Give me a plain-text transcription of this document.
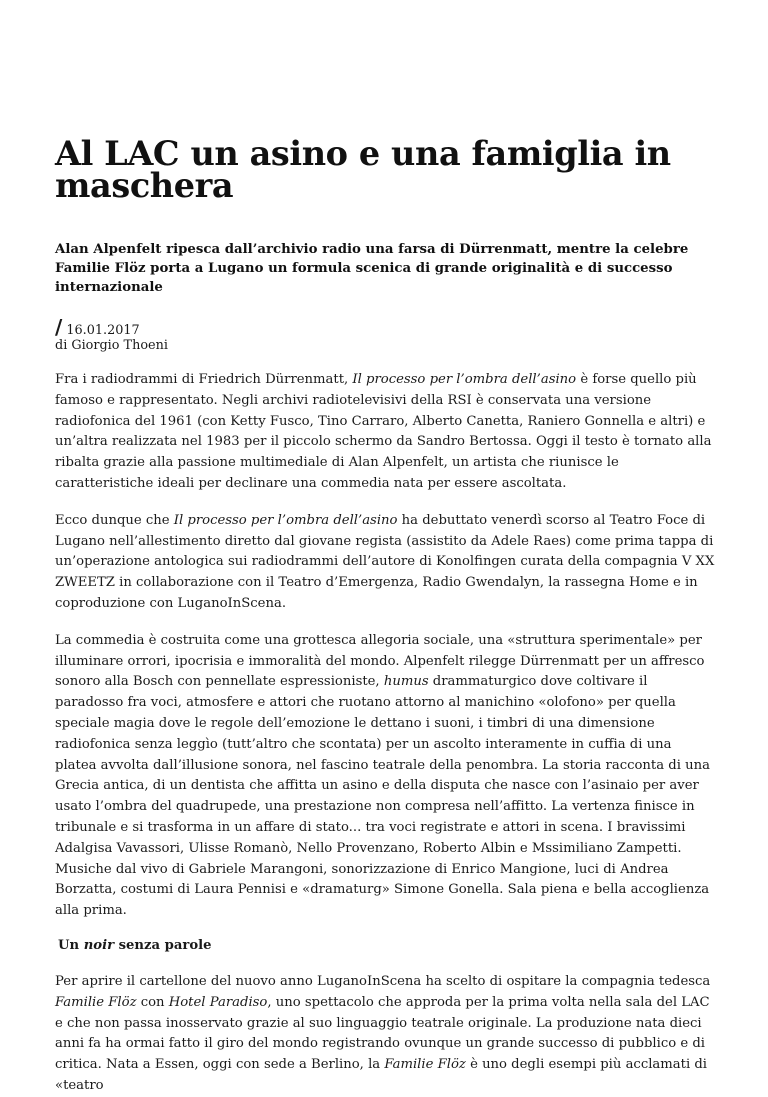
Al LAC un asino e una famiglia in maschera

Alan Alpenfelt ripesca dall’archivio radio una farsa di Dürrenmatt, mentre la celebre Familie Flöz porta a Lugano un formula scenica di grande originalità e di successo internazionale

/ 16.01.2017
di Giorgio Thoeni

Fra i radiodrammi di Friedrich Dürrenmatt, Il processo per l’ombra dell’asino è forse quello più famoso e rappresentato. Negli archivi radiotelevisivi della RSI è conservata una versione radiofonica del 1961 (con Ketty Fusco, Tino Carraro, Alberto Canetta, Raniero Gonnella e altri) e un’altra realizzata nel 1983 per il piccolo schermo da Sandro Bertossa. Oggi il testo è tornato alla ribalta grazie alla passione multimediale di Alan Alpenfelt, un artista che riunisce le caratteristiche ideali per declinare una commedia nata per essere ascoltata.

Ecco dunque che Il processo per l’ombra dell’asino ha debuttato venerdì scorso al Teatro Foce di Lugano nell’allestimento diretto dal giovane regista (assistito da Adele Raes) come prima tappa di un’operazione antologica sui radiodrammi dell’autore di Konolfingen curata della compagnia V XX ZWEETZ in collaborazione con il Teatro d’Emergenza, Radio Gwendalyn, la rassegna Home e in coproduzione con LuganoInScena.

La commedia è costruita come una grottesca allegoria sociale, una «struttura sperimentale» per illuminare orrori, ipocrisia e immoralità del mondo. Alpenfelt rilegge Dürrenmatt per un affresco sonoro alla Bosch con pennellate espressioniste, humus drammaturgico dove coltivare il paradosso fra voci, atmosfere e attori che ruotano attorno al manichino «olofono» per quella speciale magia dove le regole dell’emozione le dettano i suoni, i timbri di una dimensione radiofonica senza leggìo (tutt’altro che scontata) per un ascolto interamente in cuffia di una platea avvolta dall’illusione sonora, nel fascino teatrale della penombra. La storia racconta di una Grecia antica, di un dentista che affitta un asino e della disputa che nasce con l’asinaio per aver usato l’ombra del quadrupede, una prestazione non compresa nell’affitto. La vertenza finisce in tribunale e si trasforma in un affare di stato... tra voci registrate e attori in scena. I bravissimi Adalgisa Vavassori, Ulisse Romanò, Nello Provenzano, Roberto Albin e Mssimiliano Zampetti. Musiche dal vivo di Gabriele Marangoni, sonorizzazione di Enrico Mangione, luci di Andrea Borzatta, costumi di Laura Pennisi e «dramaturg» Simone Gonella. Sala piena e bella accoglienza alla prima.

Un noir senza parole

Per aprire il cartellone del nuovo anno LuganoInScena ha scelto di ospitare la compagnia tedesca Familie Flöz con Hotel Paradiso, uno spettacolo che approda per la prima volta nella sala del LAC e che non passa inosservato grazie al suo linguaggio teatrale originale. La produzione nata dieci anni fa ha ormai fatto il giro del mondo registrando ovunque un grande successo di pubblico e di critica. Nata a Essen, oggi con sede a Berlino, la Familie Flöz è uno degli esempi più acclamati di «teatro
